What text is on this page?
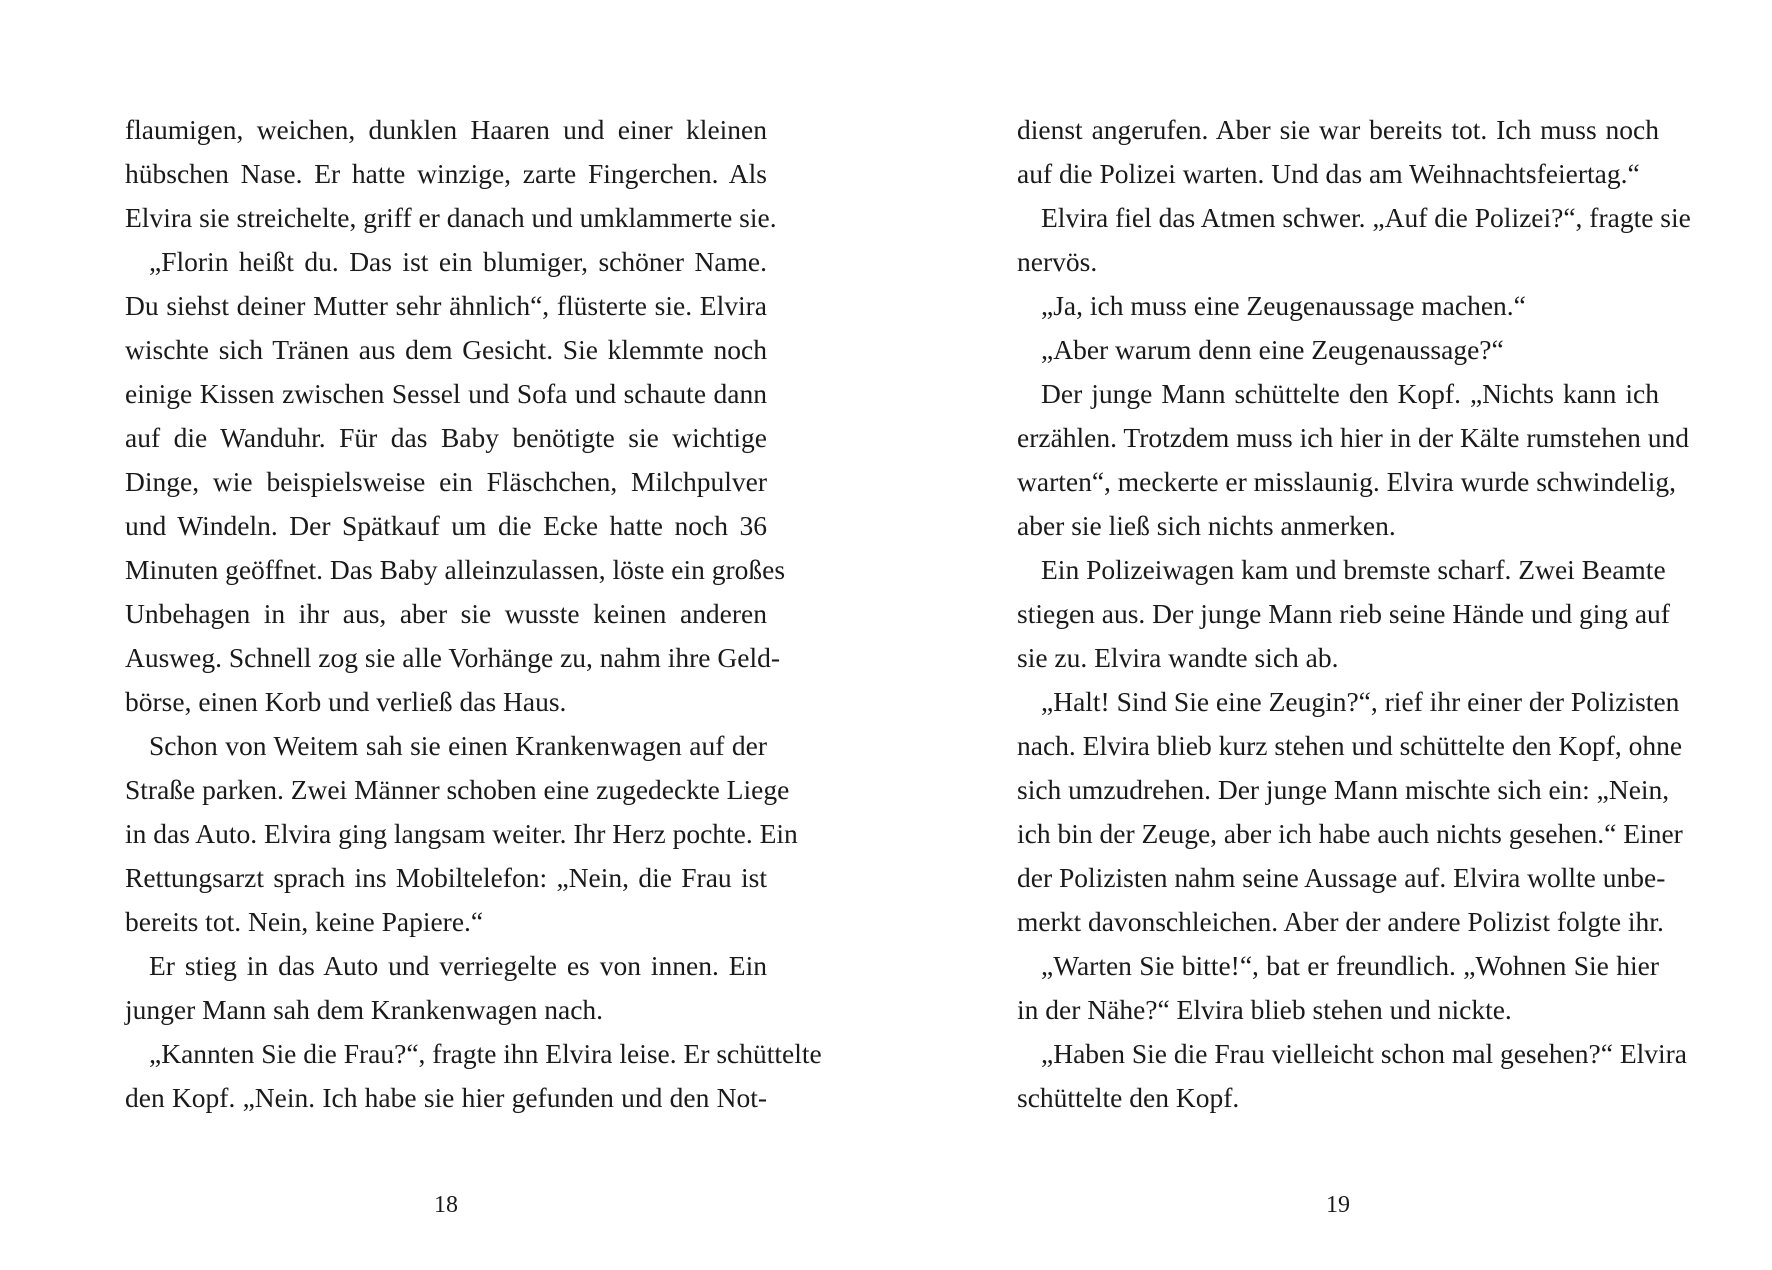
flaumigen, weichen, dunklen Haaren und einer kleinen
hübschen Nase. Er hatte winzige, zarte Fingerchen. Als
Elvira sie streichelte, griff er danach und umklammerte sie.
„Florin heißt du. Das ist ein blumiger, schöner Name.
Du siehst deiner Mutter sehr ähnlich“, flüsterte sie. Elvira
wischte sich Tränen aus dem Gesicht. Sie klemmte noch
einige Kissen zwischen Sessel und Sofa und schaute dann
auf die Wanduhr. Für das Baby benötigte sie wichtige
Dinge, wie beispielsweise ein Fläschchen, Milchpulver
und Windeln. Der Spätkauf um die Ecke hatte noch 36
Minuten geöffnet. Das Baby alleinzulassen, löste ein großes
Unbehagen in ihr aus, aber sie wusste keinen anderen
Ausweg. Schnell zog sie alle Vorhänge zu, nahm ihre Geld-
börse, einen Korb und verließ das Haus.
Schon von Weitem sah sie einen Krankenwagen auf der
Straße parken. Zwei Männer schoben eine zugedeckte Liege
in das Auto. Elvira ging langsam weiter. Ihr Herz pochte. Ein
Rettungsarzt sprach ins Mobiltelefon: „Nein, die Frau ist
bereits tot. Nein, keine Papiere.“
Er stieg in das Auto und verriegelte es von innen. Ein
junger Mann sah dem Krankenwagen nach.
„Kannten Sie die Frau?“, fragte ihn Elvira leise. Er schüttelte
den Kopf. „Nein. Ich habe sie hier gefunden und den Not-
18
dienst angerufen. Aber sie war bereits tot. Ich muss noch
auf die Polizei warten. Und das am Weihnachtsfeiertag.“
Elvira fiel das Atmen schwer. „Auf die Polizei?“, fragte sie
nervös.
„Ja, ich muss eine Zeugenaussage machen.“
„Aber warum denn eine Zeugenaussage?“
Der junge Mann schüttelte den Kopf. „Nichts kann ich
erzählen. Trotzdem muss ich hier in der Kälte rumstehen und
warten“, meckerte er misslaunig. Elvira wurde schwindelig,
aber sie ließ sich nichts anmerken.
Ein Polizeiwagen kam und bremste scharf. Zwei Beamte
stiegen aus. Der junge Mann rieb seine Hände und ging auf
sie zu. Elvira wandte sich ab.
„Halt! Sind Sie eine Zeugin?“, rief ihr einer der Polizisten
nach. Elvira blieb kurz stehen und schüttelte den Kopf, ohne
sich umzudrehen. Der junge Mann mischte sich ein: „Nein,
ich bin der Zeuge, aber ich habe auch nichts gesehen.“ Einer
der Polizisten nahm seine Aussage auf. Elvira wollte unbe-
merkt davonschleichen. Aber der andere Polizist folgte ihr.
„Warten Sie bitte!“, bat er freundlich. „Wohnen Sie hier
in der Nähe?“ Elvira blieb stehen und nickte.
„Haben Sie die Frau vielleicht schon mal gesehen?“ Elvira
schüttelte den Kopf.
19
